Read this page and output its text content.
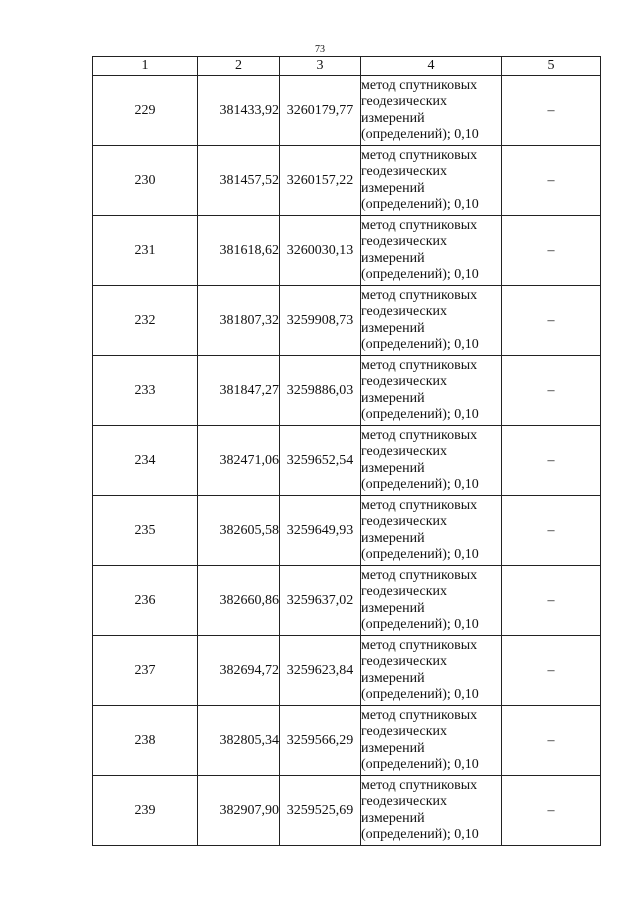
73
1	2	3	4	5
229	381433,92	3260179,77	метод спутниковых
геодезических
измерений
(определений); 0,10	–
230	381457,52	3260157,22	метод спутниковых
геодезических
измерений
(определений); 0,10	–
231	381618,62	3260030,13	метод спутниковых
геодезических
измерений
(определений); 0,10	–
232	381807,32	3259908,73	метод спутниковых
геодезических
измерений
(определений); 0,10	–
233	381847,27	3259886,03	метод спутниковых
геодезических
измерений
(определений); 0,10	–
234	382471,06	3259652,54	метод спутниковых
геодезических
измерений
(определений); 0,10	–
235	382605,58	3259649,93	метод спутниковых
геодезических
измерений
(определений); 0,10	–
236	382660,86	3259637,02	метод спутниковых
геодезических
измерений
(определений); 0,10	–
237	382694,72	3259623,84	метод спутниковых
геодезических
измерений
(определений); 0,10	–
238	382805,34	3259566,29	метод спутниковых
геодезических
измерений
(определений); 0,10	–
239	382907,90	3259525,69	метод спутниковых
геодезических
измерений
(определений); 0,10	–
